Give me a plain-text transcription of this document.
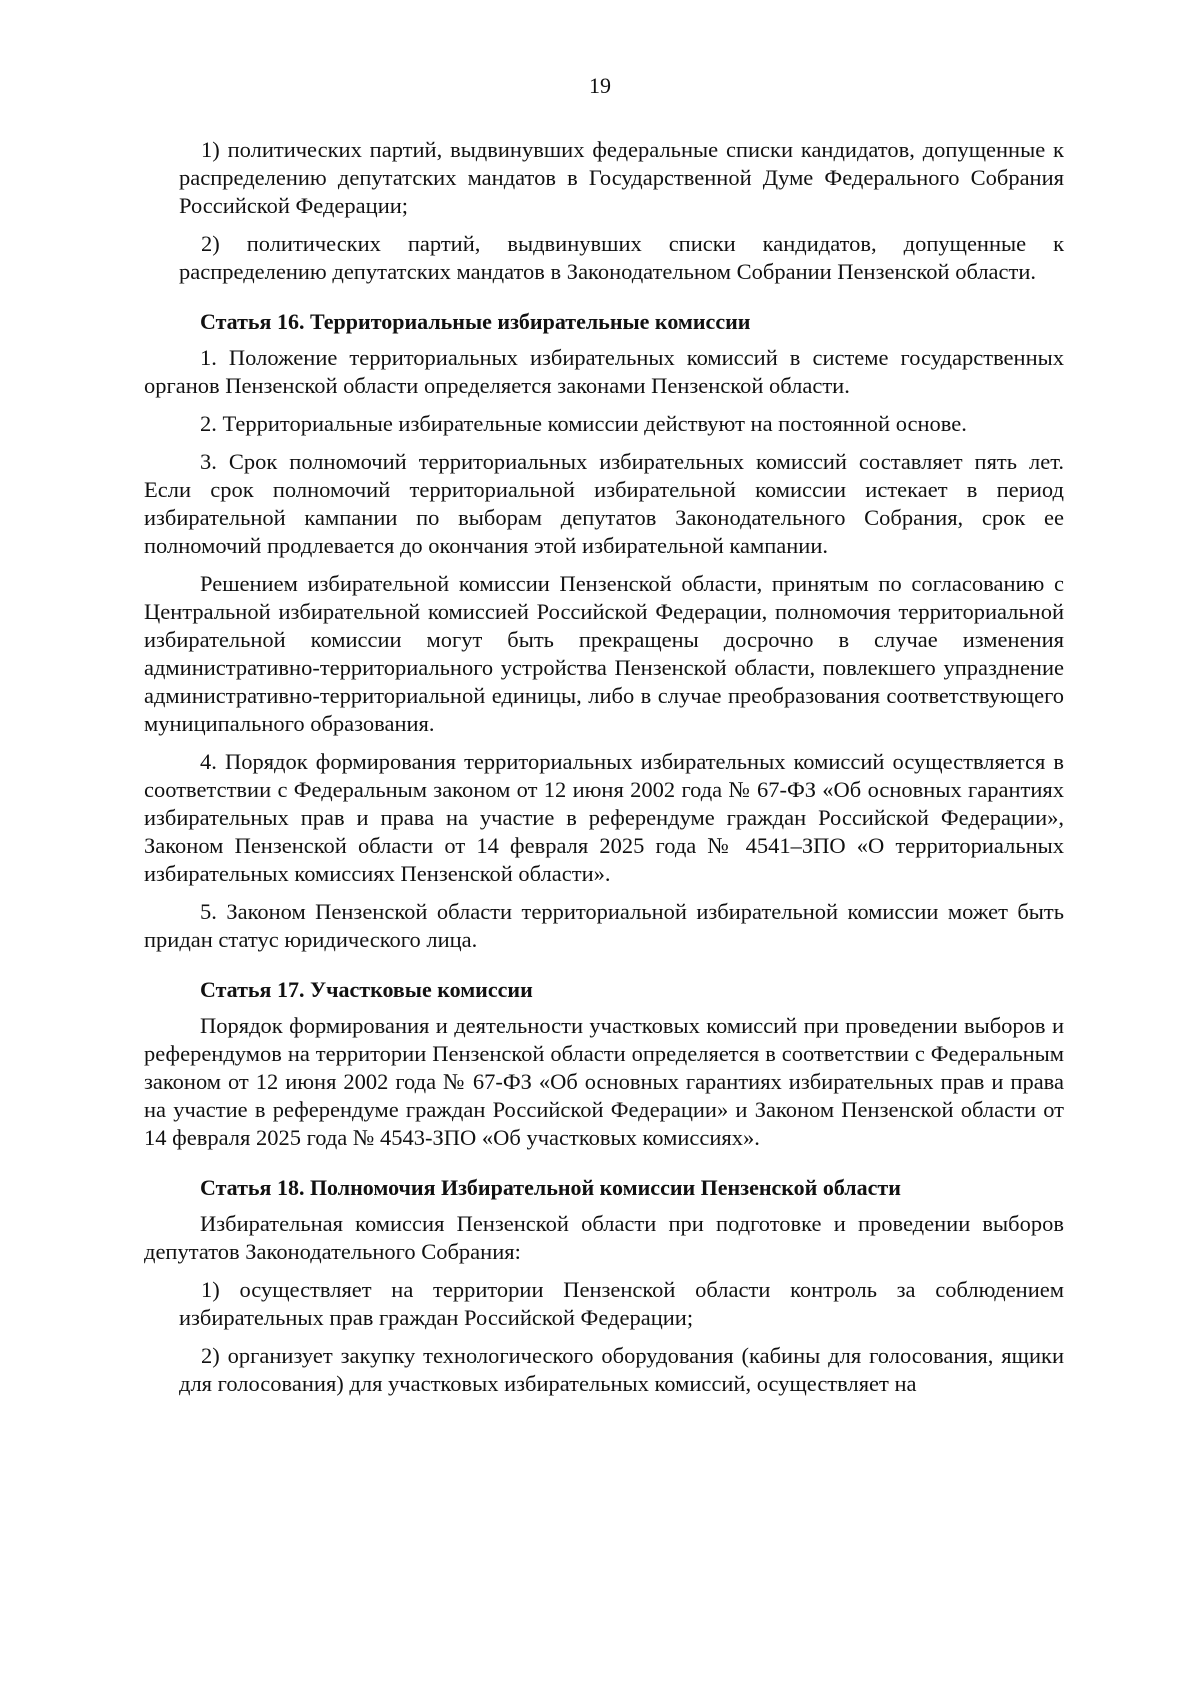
19

1) политических партий, выдвинувших федеральные списки кандидатов, допущенные к распределению депутатских мандатов в Государственной Думе Федерального Собрания Российской Федерации;

2) политических партий, выдвинувших списки кандидатов, допущенные к распределению депутатских мандатов в Законодательном Собрании Пензенской области.

Статья 16. Территориальные избирательные комиссии

1. Положение территориальных избирательных комиссий в системе государственных органов Пензенской области определяется законами Пензенской области.

2. Территориальные избирательные комиссии действуют на постоянной основе.

3. Срок полномочий территориальных избирательных комиссий составляет пять лет. Если срок полномочий территориальной избирательной комиссии истекает в период избирательной кампании по выборам депутатов Законодательного Собрания, срок ее полномочий продлевается до окончания этой избирательной кампании.

Решением избирательной комиссии Пензенской области, принятым по согласованию с Центральной избирательной комиссией Российской Федерации, полномочия территориальной избирательной комиссии могут быть прекращены досрочно в случае изменения административно-территориального устройства Пензенской области, повлекшего упразднение административно-территориальной единицы, либо в случае преобразования соответствующего муниципального образования.

4. Порядок формирования территориальных избирательных комиссий осуществляется в соответствии с Федеральным законом от 12 июня 2002 года № 67-ФЗ «Об основных гарантиях избирательных прав и права на участие в референдуме граждан Российской Федерации», Законом Пензенской области от 14 февраля 2025 года № 4541–ЗПО «О территориальных избирательных комиссиях Пензенской области».

5. Законом Пензенской области территориальной избирательной комиссии может быть придан статус юридического лица.

Статья 17. Участковые комиссии

Порядок формирования и деятельности участковых комиссий при проведении выборов и референдумов на территории Пензенской области определяется в соответствии с Федеральным законом от 12 июня 2002 года № 67-ФЗ «Об основных гарантиях избирательных прав и права на участие в референдуме граждан Российской Федерации» и Законом Пензенской области от 14 февраля 2025 года № 4543-ЗПО «Об участковых комиссиях».

Статья 18. Полномочия Избирательной комиссии Пензенской области

Избирательная комиссия Пензенской области при подготовке и проведении выборов депутатов Законодательного Собрания:

1) осуществляет на территории Пензенской области контроль за соблюдением избирательных прав граждан Российской Федерации;

2) организует закупку технологического оборудования (кабины для голосования, ящики для голосования) для участковых избирательных комиссий, осуществляет на
